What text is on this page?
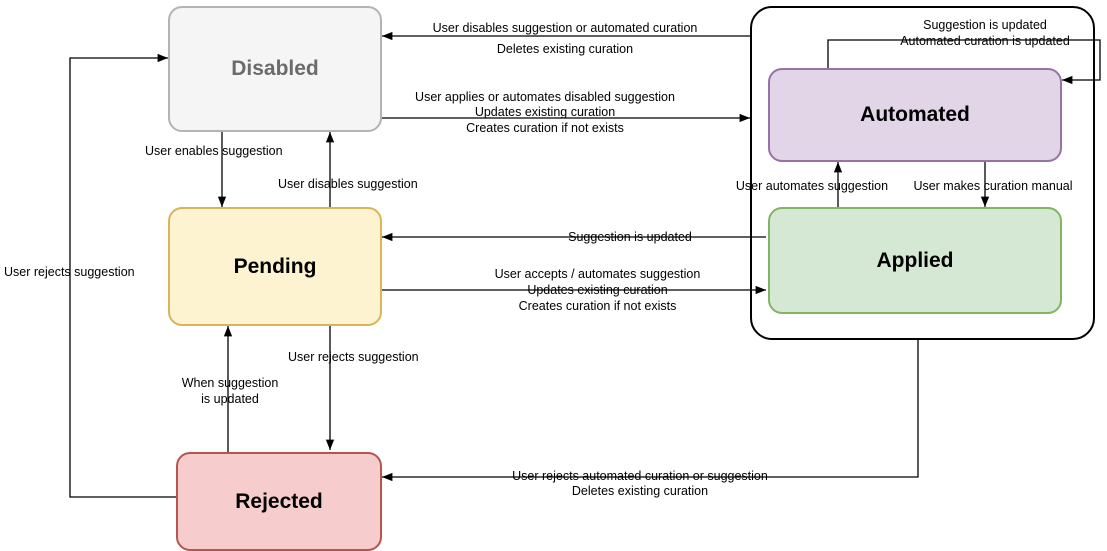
Disabled
Pending
Rejected
Automated
Applied
User disables suggestion or automated curation
Deletes existing curation
User applies or automates disabled suggestion
Updates existing curation
Creates curation if not exists
User enables suggestion
User disables suggestion
Suggestion is updated
User accepts / automates suggestion
Updates existing curation
Creates curation if not exists
User automates suggestion	User makes curation manual
Suggestion is updated
Automated curation is updated
User rejects suggestion
When suggestion
is updated
User rejects automated curation or suggestion
Deletes existing curation
User rejects suggestion
